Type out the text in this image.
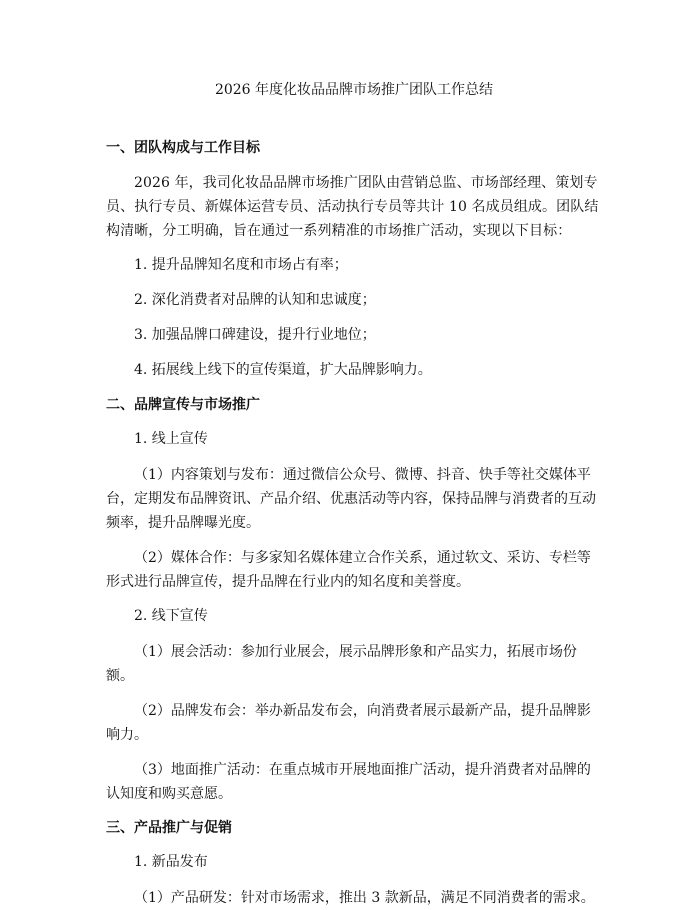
2026 年度化妆品品牌市场推广团队工作总结
一、团队构成与工作目标
2026 年，我司化妆品品牌市场推广团队由营销总监、市场部经理、策划专员、执行专员、新媒体运营专员、活动执行专员等共计 10 名成员组成。团队结构清晰，分工明确，旨在通过一系列精准的市场推广活动，实现以下目标：
1. 提升品牌知名度和市场占有率；
2. 深化消费者对品牌的认知和忠诚度；
3. 加强品牌口碑建设，提升行业地位；
4. 拓展线上线下的宣传渠道，扩大品牌影响力。
二、品牌宣传与市场推广
1. 线上宣传
（1）内容策划与发布：通过微信公众号、微博、抖音、快手等社交媒体平台，定期发布品牌资讯、产品介绍、优惠活动等内容，保持品牌与消费者的互动频率，提升品牌曝光度。
（2）媒体合作：与多家知名媒体建立合作关系，通过软文、采访、专栏等形式进行品牌宣传，提升品牌在行业内的知名度和美誉度。
2. 线下宣传
（1）展会活动：参加行业展会，展示品牌形象和产品实力，拓展市场份额。
（2）品牌发布会：举办新品发布会，向消费者展示最新产品，提升品牌影响力。
（3）地面推广活动：在重点城市开展地面推广活动，提升消费者对品牌的认知度和购买意愿。
三、产品推广与促销
1. 新品发布
（1）产品研发：针对市场需求，推出 3 款新品，满足不同消费者的需求。
